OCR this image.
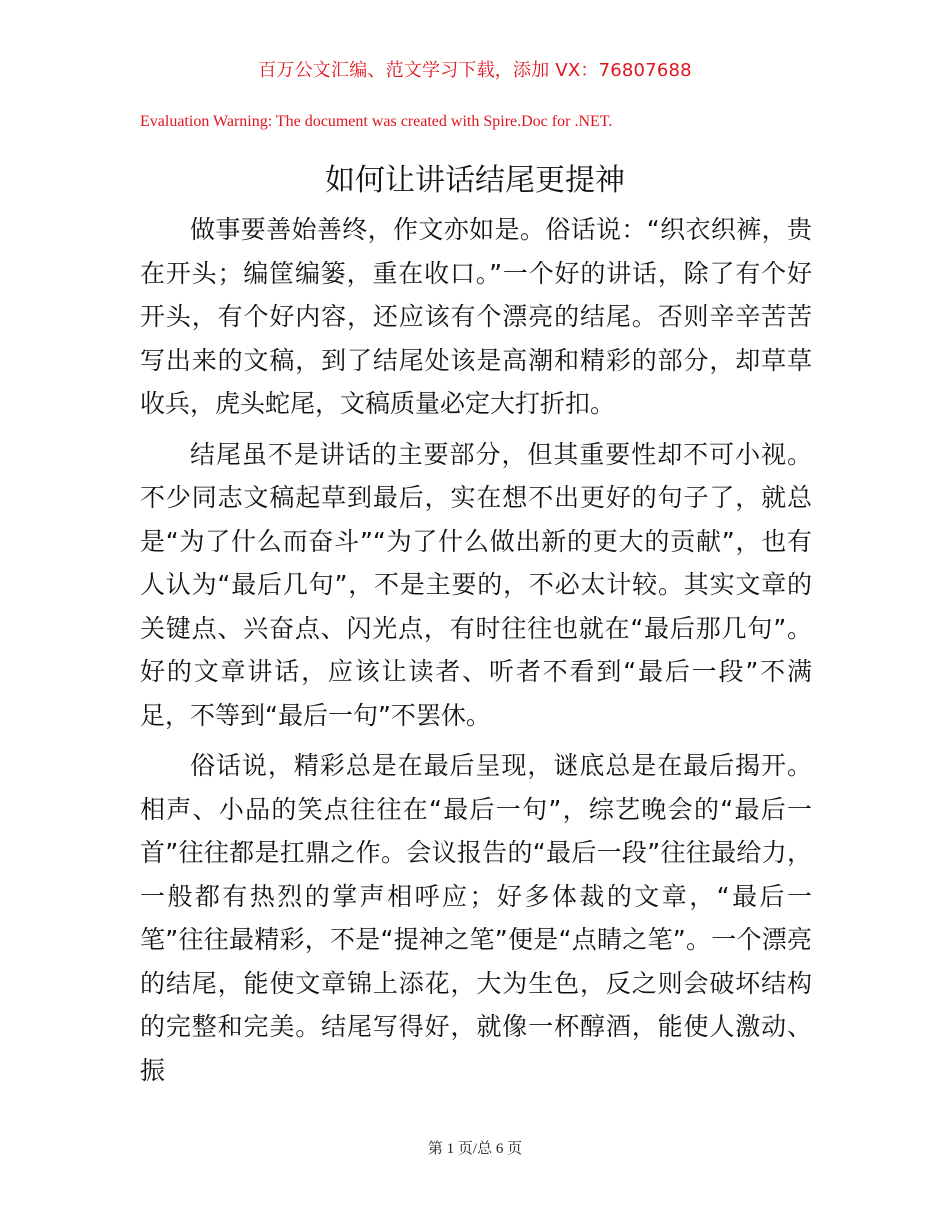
百万公文汇编、范文学习下载，添加 VX：76807688
Evaluation Warning: The document was created with Spire.Doc for .NET.
如何让讲话结尾更提神

做事要善始善终，作文亦如是。俗话说：“织衣织裤，贵在开头；编筐编篓，重在收口。”一个好的讲话，除了有个好开头，有个好内容，还应该有个漂亮的结尾。否则辛辛苦苦写出来的文稿，到了结尾处该是高潮和精彩的部分，却草草收兵，虎头蛇尾，文稿质量必定大打折扣。

结尾虽不是讲话的主要部分，但其重要性却不可小视。不少同志文稿起草到最后，实在想不出更好的句子了，就总是“为了什么而奋斗”“为了什么做出新的更大的贡献”，也有人认为“最后几句”，不是主要的，不必太计较。其实文章的关键点、兴奋点、闪光点，有时往往也就在“最后那几句”。好的文章讲话，应该让读者、听者不看到“最后一段”不满足，不等到“最后一句”不罢休。

俗话说，精彩总是在最后呈现，谜底总是在最后揭开。相声、小品的笑点往往在“最后一句”，综艺晚会的“最后一首”往往都是扛鼎之作。会议报告的“最后一段”往往最给力，一般都有热烈的掌声相呼应；好多体裁的文章，“最后一笔”往往最精彩，不是“提神之笔”便是“点睛之笔”。一个漂亮的结尾，能使文章锦上添花，大为生色，反之则会破坏结构的完整和完美。结尾写得好，就像一杯醇酒，能使人激动、振

第 1 页/总 6 页
